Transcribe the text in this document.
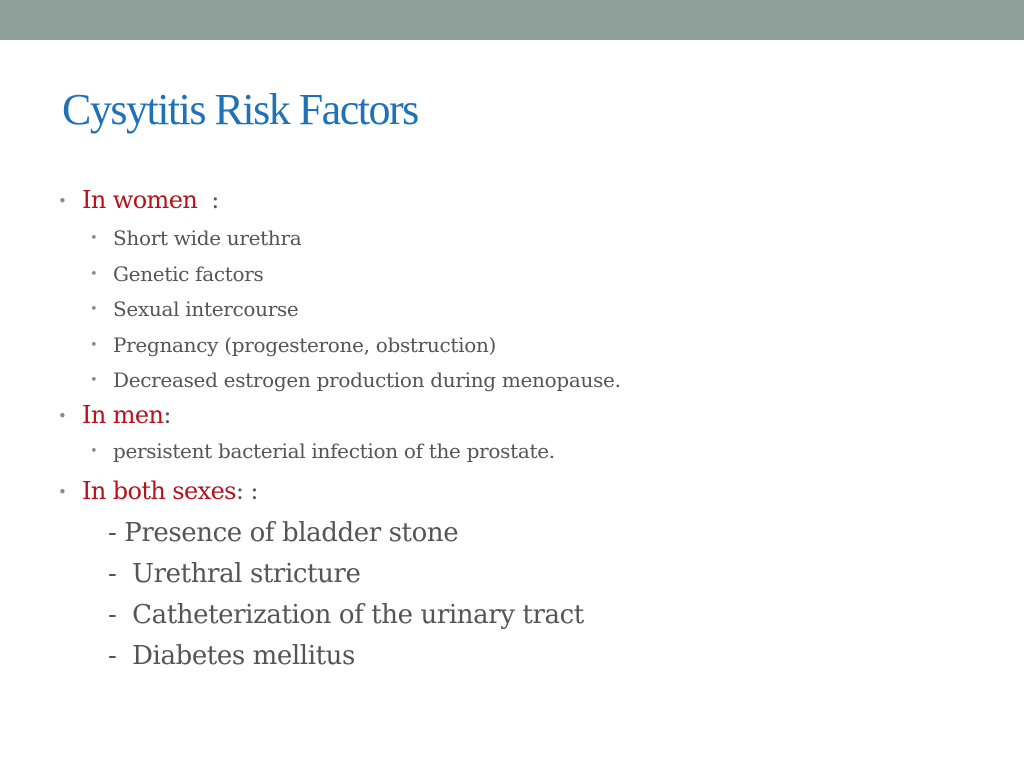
Cysytitis Risk Factors
• In women  :
• Short wide urethra
• Genetic factors
• Sexual intercourse
• Pregnancy (progesterone, obstruction)
• Decreased estrogen production during menopause.
• In men:
• persistent bacterial infection of the prostate.
• In both sexes: :
- Presence of bladder stone
-  Urethral stricture
-  Catheterization of the urinary tract
-  Diabetes mellitus
